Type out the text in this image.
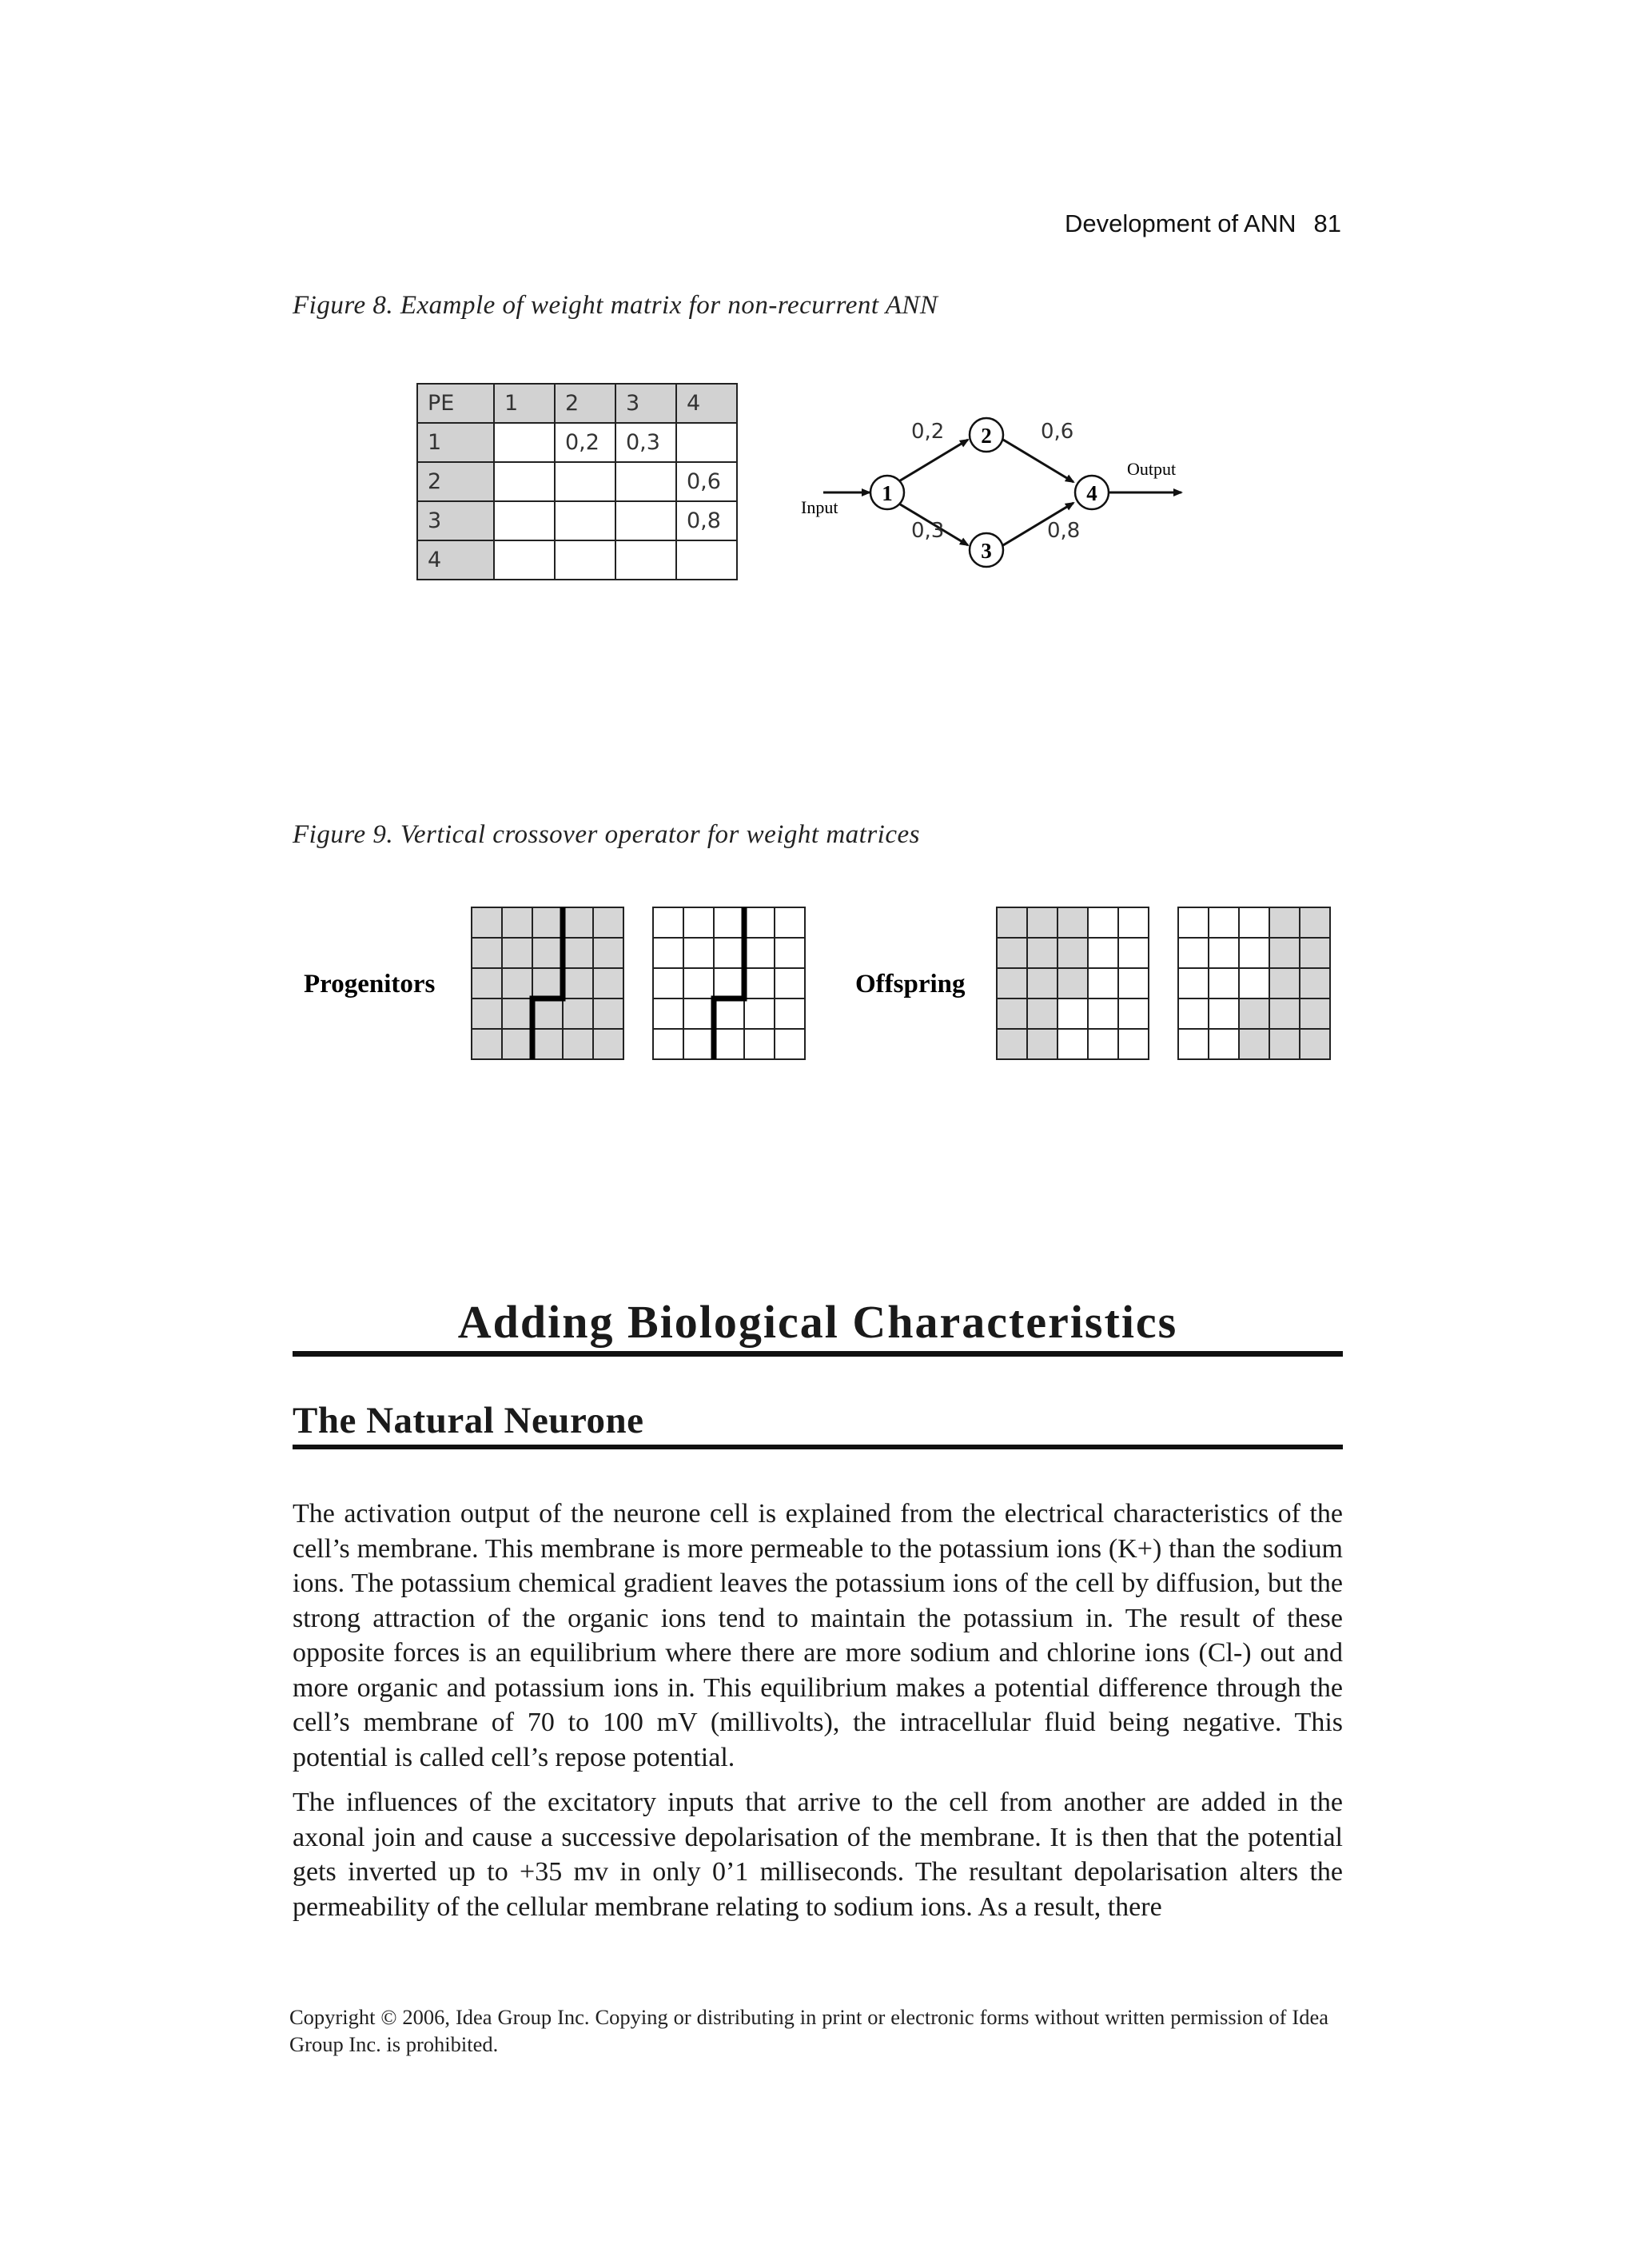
Development of ANN 81
Figure 8. Example of weight matrix for non-recurrent ANN
PE	1	2	3	4
1		0,2	0,3	
2				0,6
3				0,8
4				
1
2
3
4
0,2
0,3
0,6
0,8
Input
Output
Figure 9. Vertical crossover operator for weight matrices
Progenitors	Offspring
Adding Biological Characteristics
The Natural Neurone

The activation output of the neurone cell is explained from the electrical characteristics of the cell’s membrane. This membrane is more permeable to the potassium ions (K+) than the sodium ions. The potassium chemical gradient leaves the potassium ions of the cell by diffusion, but the strong attraction of the organic ions tend to maintain the potassium in. The result of these opposite forces is an equilibrium where there are more sodium and chlorine ions (Cl-) out and more organic and potassium ions in. This equilibrium makes a potential difference through the cell’s membrane of 70 to 100 mV (millivolts), the intracellular fluid being negative. This potential is called cell’s repose potential.

The influences of the excitatory inputs that arrive to the cell from another are added in the axonal join and cause a successive depolarisation of the membrane. It is then that the potential gets inverted up to +35 mv in only 0’1 milliseconds. The resultant depolarisation alters the permeability of the cellular membrane relating to sodium ions. As a result, there

Copyright © 2006, Idea Group Inc. Copying or distributing in print or electronic forms without written permission of Idea Group Inc. is prohibited.
